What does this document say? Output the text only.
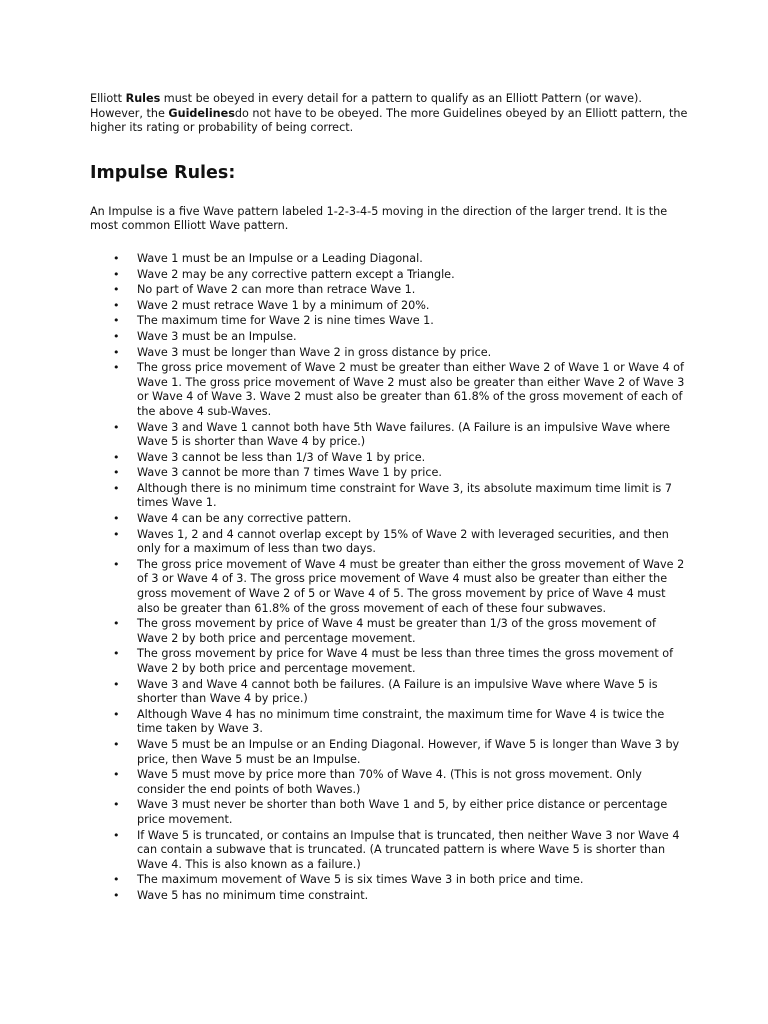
Elliott Rules must be obeyed in every detail for a pattern to qualify as an Elliott Pattern (or wave). However, the Guidelinesdo not have to be obeyed. The more Guidelines obeyed by an Elliott pattern, the higher its rating or probability of being correct.

Impulse Rules:

An Impulse is a five Wave pattern labeled 1-2-3-4-5 moving in the direction of the larger trend. It is the most common Elliott Wave pattern.

• Wave 1 must be an Impulse or a Leading Diagonal.
• Wave 2 may be any corrective pattern except a Triangle.
• No part of Wave 2 can more than retrace Wave 1.
• Wave 2 must retrace Wave 1 by a minimum of 20%.
• The maximum time for Wave 2 is nine times Wave 1.
• Wave 3 must be an Impulse.
• Wave 3 must be longer than Wave 2 in gross distance by price.
• The gross price movement of Wave 2 must be greater than either Wave 2 of Wave 1 or Wave 4 of Wave 1. The gross price movement of Wave 2 must also be greater than either Wave 2 of Wave 3 or Wave 4 of Wave 3. Wave 2 must also be greater than 61.8% of the gross movement of each of the above 4 sub-Waves.
• Wave 3 and Wave 1 cannot both have 5th Wave failures. (A Failure is an impulsive Wave where Wave 5 is shorter than Wave 4 by price.)
• Wave 3 cannot be less than 1/3 of Wave 1 by price.
• Wave 3 cannot be more than 7 times Wave 1 by price.
• Although there is no minimum time constraint for Wave 3, its absolute maximum time limit is 7 times Wave 1.
• Wave 4 can be any corrective pattern.
• Waves 1, 2 and 4 cannot overlap except by 15% of Wave 2 with leveraged securities, and then only for a maximum of less than two days.
• The gross price movement of Wave 4 must be greater than either the gross movement of Wave 2 of 3 or Wave 4 of 3. The gross price movement of Wave 4 must also be greater than either the gross movement of Wave 2 of 5 or Wave 4 of 5. The gross movement by price of Wave 4 must also be greater than 61.8% of the gross movement of each of these four subwaves.
• The gross movement by price of Wave 4 must be greater than 1/3 of the gross movement of Wave 2 by both price and percentage movement.
• The gross movement by price for Wave 4 must be less than three times the gross movement of Wave 2 by both price and percentage movement.
• Wave 3 and Wave 4 cannot both be failures. (A Failure is an impulsive Wave where Wave 5 is shorter than Wave 4 by price.)
• Although Wave 4 has no minimum time constraint, the maximum time for Wave 4 is twice the time taken by Wave 3.
• Wave 5 must be an Impulse or an Ending Diagonal. However, if Wave 5 is longer than Wave 3 by price, then Wave 5 must be an Impulse.
• Wave 5 must move by price more than 70% of Wave 4. (This is not gross movement. Only consider the end points of both Waves.)
• Wave 3 must never be shorter than both Wave 1 and 5, by either price distance or percentage price movement.
• If Wave 5 is truncated, or contains an Impulse that is truncated, then neither Wave 3 nor Wave 4 can contain a subwave that is truncated. (A truncated pattern is where Wave 5 is shorter than Wave 4. This is also known as a failure.)
• The maximum movement of Wave 5 is six times Wave 3 in both price and time.
• Wave 5 has no minimum time constraint.
